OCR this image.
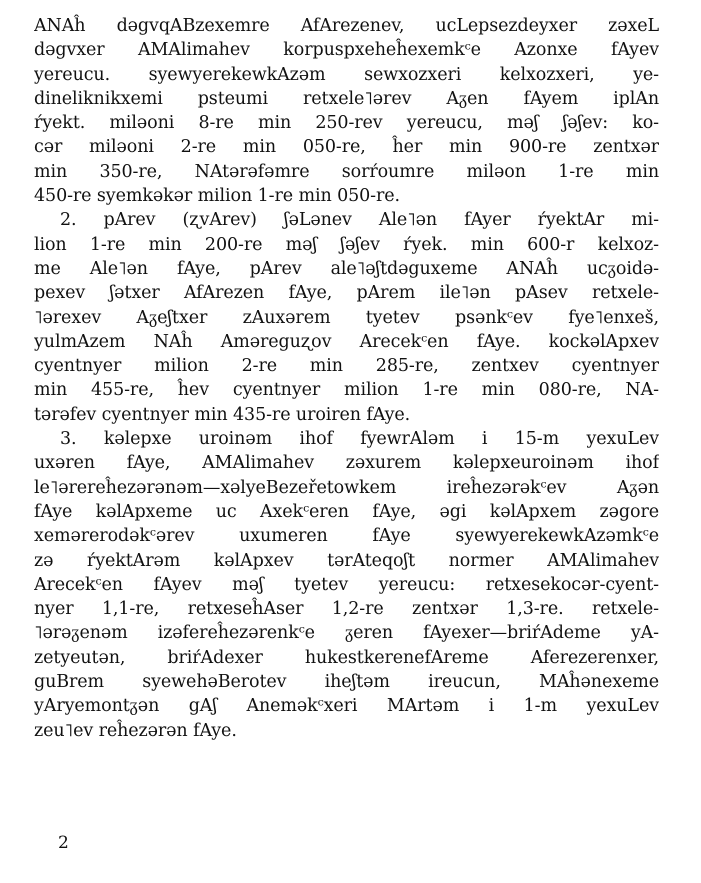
ANAĥ dəgvqABzexemre AfArezenev, ucLepsezdeyxer zəxeL
dəgvxer AMAlimahev korpuspxeheĥexemkᶜe Azonxe fAyev
yereucu. syewyerekewkAzəm sewxozxeri kelxozxeri, ye-
dineliknikxemi psteumi retxele˥ərev Aᵹen fAyem iplAn
ŕyekt. miləoni 8-re min 250-rev yereucu, məʃ ʃəʃev: ko-
cər miləoni 2-re min 050-re, ĥer min 900-re zentxər
min 350-re, NAtərəfəmre sorŕoumre miləon 1-re min
450-re syemkəkər milion 1-re min 050-re.
2. pArev (ʐvArev) ʃəLənev Ale˥ən fAyer ŕyektAr mi-
lion 1-re min 200-re məʃ ʃəʃev ŕyek. min 600-r kelxoz-
me Ale˥ən fAye, pArev ale˥əʃtdəguxeme ANAĥ ucᵹoidə-
pexev ʃətxer AfArezen fAye, pArem ile˥ən pAsev retxele-
˥ərexev Aᵹeʃtxer zAuxərem tyetev psənkᶜev fye˥enxeš,
yulmAzem NAĥ Aməreguʐov Arecekᶜen fAye. kockəlApxev
cyentnyer milion 2-re min 285-re, zentxev cyentnyer
min 455-re, ĥev cyentnyer milion 1-re min 080-re, NA-
tərəfev cyentnyer min 435-re uroiren fAye.
3. kəlepxe uroinəm ihof fyewrAləm i 15-m yexuLev
uxəren fAye, AMAlimahev zəxurem kəlepxeuroinəm ihof
le˥ərereĥezərənəm—xəlyeBezeřetowkem ireĥezərəkᶜev Aᵹən
fAye kəlApxeme uc Axekᶜeren fAye, əgi kəlApxem zəgore
xemərerodəkᶜərev uxumeren fAye syewyerekewkAzəmkᶜe
zə ŕyektArəm kəlApxev tərAteqoʃt normer AMAlimahev
Arecekᶜen fAyev məʃ tyetev yereucu: retxesekocər-cyent-
nyer 1,1-re, retxeseĥAser 1,2-re zentxər 1,3-re. retxele-
˥ərəᵹenəm izəfereĥezərenkᶜe ᵹeren fAyexer—briŕAdeme yA-
zetyeutən, briŕAdexer hukestkerenefAreme Aferezerenxer,
guBrem syewehəBerotev iheʃtəm ireucun, MAĥənexeme
yAryemontᵹən gAʃ Aneməkᶜxeri MArtəm i 1-m yexuLev
zeu˥ev reĥezərən fAye.
2
